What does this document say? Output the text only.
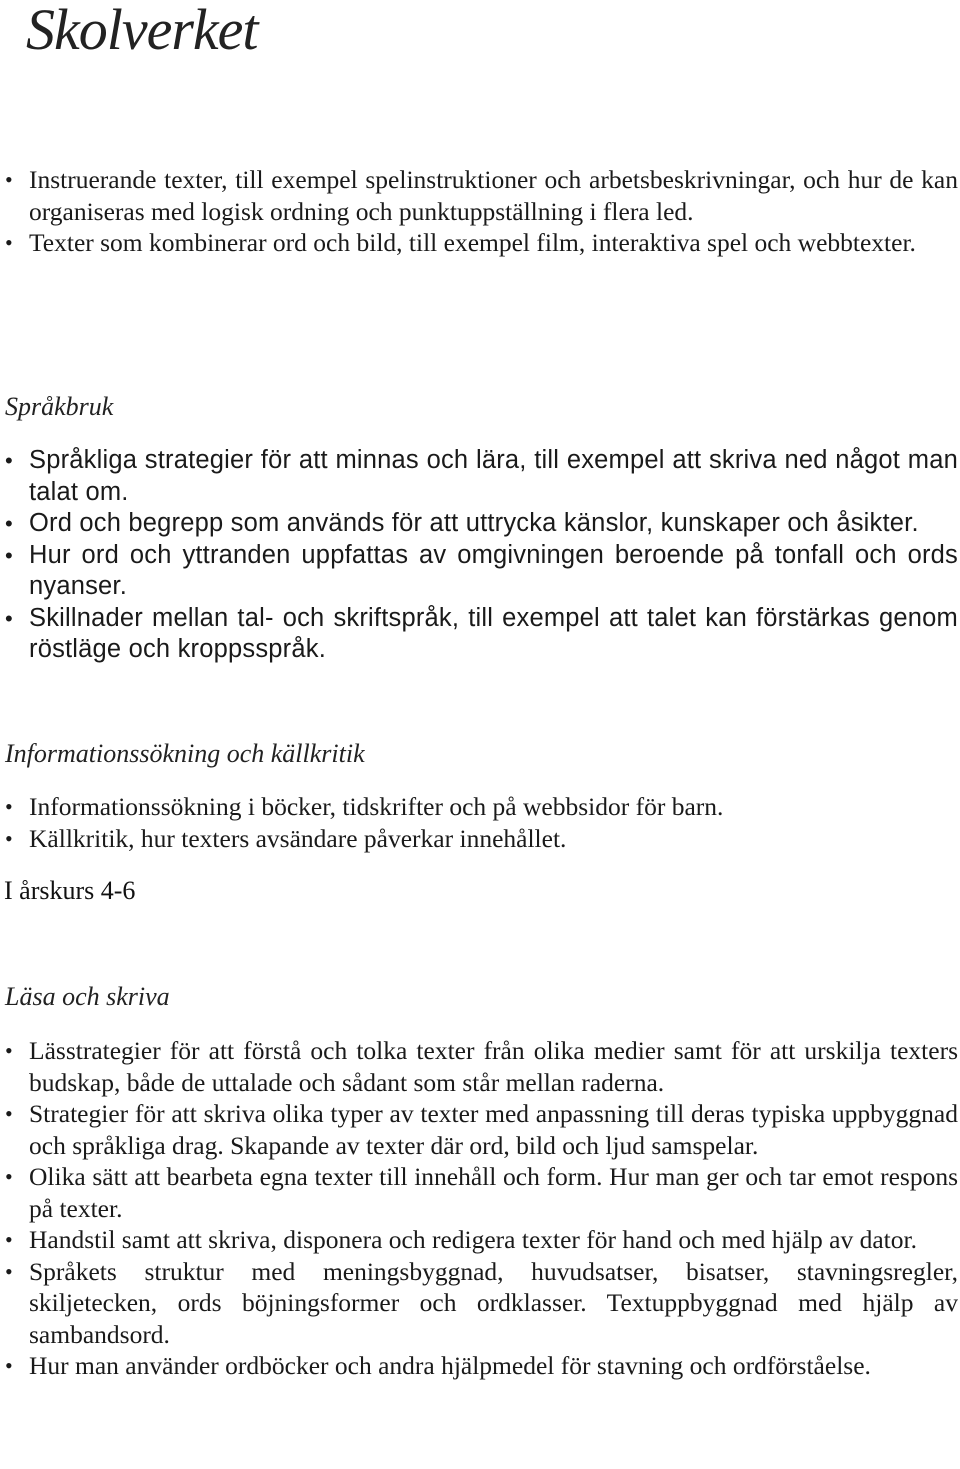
Skolverket
• Instruerande texter, till exempel spelinstruktioner och arbetsbeskrivningar, och hur de kan organiseras med logisk ordning och punktuppställning i flera led.
• Texter som kombinerar ord och bild, till exempel film, interaktiva spel och webbtexter.
Språkbruk
• Språkliga strategier för att minnas och lära, till exempel att skriva ned något man talat om.
• Ord och begrepp som används för att uttrycka känslor, kunskaper och åsikter.
• Hur ord och yttranden uppfattas av omgivningen beroende på tonfall och ords nyanser.
• Skillnader mellan tal- och skriftspråk, till exempel att talet kan förstärkas genom röstläge och kroppsspråk.
Informationssökning och källkritik
• Informationssökning i böcker, tidskrifter och på webbsidor för barn.
• Källkritik, hur texters avsändare påverkar innehållet.
I årskurs 4-6
Läsa och skriva
• Lässtrategier för att förstå och tolka texter från olika medier samt för att urskilja texters budskap, både de uttalade och sådant som står mellan raderna.
• Strategier för att skriva olika typer av texter med anpassning till deras typiska uppbyggnad och språkliga drag. Skapande av texter där ord, bild och ljud samspelar.
• Olika sätt att bearbeta egna texter till innehåll och form. Hur man ger och tar emot respons på texter.
• Handstil samt att skriva, disponera och redigera texter för hand och med hjälp av dator.
• Språkets struktur med meningsbyggnad, huvudsatser, bisatser, stavningsregler, skiljetecken, ords böjningsformer och ordklasser. Textuppbyggnad med hjälp av sambandsord.
• Hur man använder ordböcker och andra hjälpmedel för stavning och ordförståelse.
